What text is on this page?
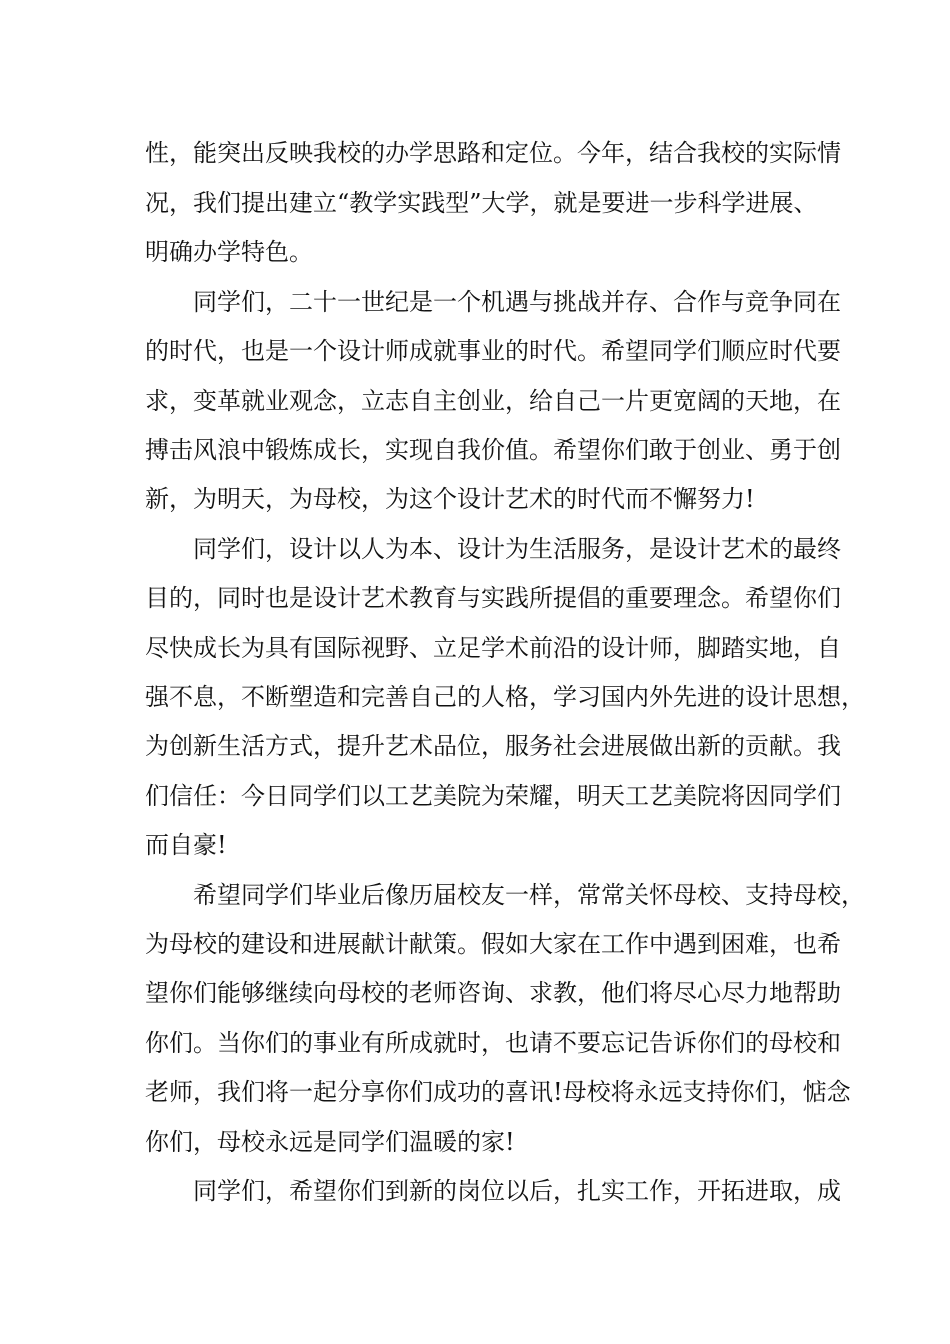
性，能突出反映我校的办学思路和定位。今年，结合我校的实际情
况，我们提出建立“教学实践型”大学，就是要进一步科学进展、
明确办学特色。
同学们，二十一世纪是一个机遇与挑战并存、合作与竞争同在
的时代，也是一个设计师成就事业的时代。希望同学们顺应时代要
求，变革就业观念，立志自主创业，给自己一片更宽阔的天地，在
搏击风浪中锻炼成长，实现自我价值。希望你们敢于创业、勇于创
新，为明天，为母校，为这个设计艺术的时代而不懈努力!
同学们，设计以人为本、设计为生活服务，是设计艺术的最终
目的，同时也是设计艺术教育与实践所提倡的重要理念。希望你们
尽快成长为具有国际视野、立足学术前沿的设计师，脚踏实地，自
强不息，不断塑造和完善自己的人格，学习国内外先进的设计思想，
为创新生活方式，提升艺术品位，服务社会进展做出新的贡献。我
们信任：今日同学们以工艺美院为荣耀，明天工艺美院将因同学们
而自豪!
希望同学们毕业后像历届校友一样，常常关怀母校、支持母校，
为母校的建设和进展献计献策。假如大家在工作中遇到困难，也希
望你们能够继续向母校的老师咨询、求教，他们将尽心尽力地帮助
你们。当你们的事业有所成就时，也请不要忘记告诉你们的母校和
老师，我们将一起分享你们成功的喜讯!母校将永远支持你们，惦念
你们，母校永远是同学们温暖的家!
同学们，希望你们到新的岗位以后，扎实工作，开拓进取，成
